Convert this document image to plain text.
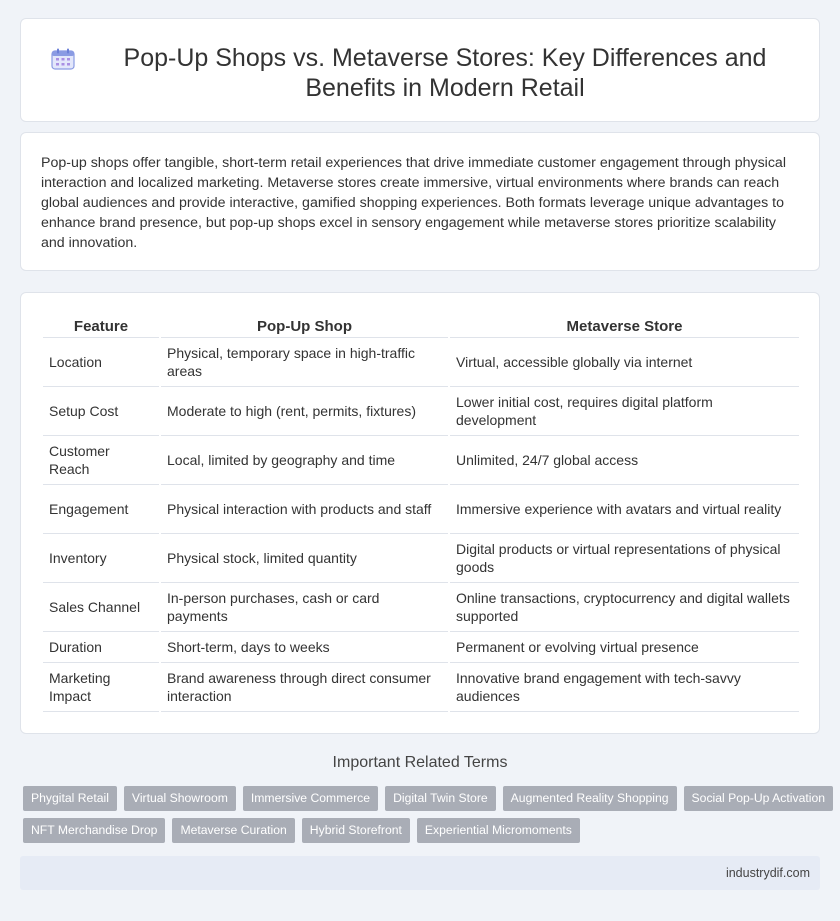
Pop-Up Shops vs. Metaverse Stores: Key Differences and Benefits in Modern Retail

Pop-up shops offer tangible, short-term retail experiences that drive immediate customer engagement through physical interaction and localized marketing. Metaverse stores create immersive, virtual environments where brands can reach global audiences and provide interactive, gamified shopping experiences. Both formats leverage unique advantages to enhance brand presence, but pop-up shops excel in sensory engagement while metaverse stores prioritize scalability and innovation.

Feature	Pop-Up Shop	Metaverse Store
Location	Physical, temporary space in high-traffic areas	Virtual, accessible globally via internet
Setup Cost	Moderate to high (rent, permits, fixtures)	Lower initial cost, requires digital platform development
Customer Reach	Local, limited by geography and time	Unlimited, 24/7 global access
Engagement	Physical interaction with products and staff	Immersive experience with avatars and virtual reality
Inventory	Physical stock, limited quantity	Digital products or virtual representations of physical goods
Sales Channel	In-person purchases, cash or card payments	Online transactions, cryptocurrency and digital wallets supported
Duration	Short-term, days to weeks	Permanent or evolving virtual presence
Marketing Impact	Brand awareness through direct consumer interaction	Innovative brand engagement with tech-savvy audiences
Important Related Terms
Phygital Retail Virtual Showroom Immersive Commerce Digital Twin Store Augmented Reality Shopping Social Pop-Up Activation
NFT Merchandise Drop Metaverse Curation Hybrid Storefront Experiential Micromoments
industrydif.com
